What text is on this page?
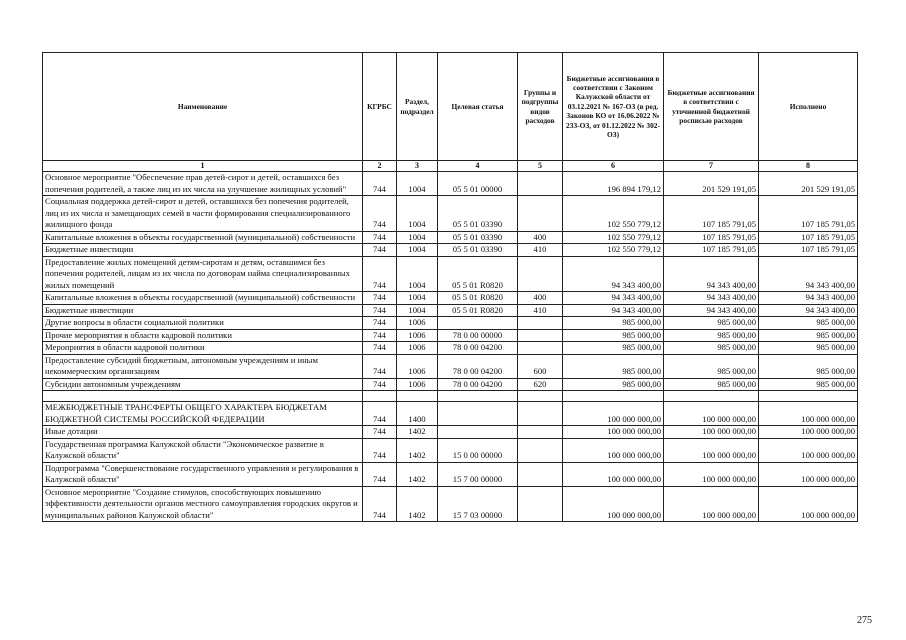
Наименование	КГРБС	Раздел, подраздел	Целевая статья	Группы и подгруппы видов расходов	Бюджетные ассигнования в соответствии с Законом Калужской области от 03.12.2021 № 167-ОЗ (в ред. Законов КО от 16.06.2022 № 233-ОЗ, от 01.12.2022 № 302-ОЗ)	Бюджетные ассигнования в соответствии с уточненной бюджетной росписью расходов	Исполнено
1	2	3	4	5	6	7	8
Основное мероприятие "Обеспечение прав детей-сирот и детей, оставшихся без попечения родителей, а также лиц из их числа на улучшение жилищных условий"	744	1004	05 5 01 00000		196 894 179,12	201 529 191,05	201 529 191,05
Социальная поддержка детей-сирот и детей, оставшихся без попечения родителей, лиц из их числа и замещающих семей в части формирования специализированного жилищного фонда	744	1004	05 5 01 03390		102 550 779,12	107 185 791,05	107 185 791,05
Капитальные вложения в объекты государственной (муниципальной) собственности	744	1004	05 5 01 03390	400	102 550 779,12	107 185 791,05	107 185 791,05
Бюджетные инвестиции	744	1004	05 5 01 03390	410	102 550 779,12	107 185 791,05	107 185 791,05
Предоставление жилых помещений детям-сиротам и детям, оставшимся без попечения родителей, лицам из их числа по договорам найма специализированных жилых помещений	744	1004	05 5 01 R0820		94 343 400,00	94 343 400,00	94 343 400,00
Капитальные вложения в объекты государственной (муниципальной) собственности	744	1004	05 5 01 R0820	400	94 343 400,00	94 343 400,00	94 343 400,00
Бюджетные инвестиции	744	1004	05 5 01 R0820	410	94 343 400,00	94 343 400,00	94 343 400,00
Другие вопросы в области социальной политики	744	1006			985 000,00	985 000,00	985 000,00
Прочие мероприятия в области кадровой политики	744	1006	78 0 00 00000		985 000,00	985 000,00	985 000,00
Мероприятия в области кадровой политики	744	1006	78 0 00 04200		985 000,00	985 000,00	985 000,00
Предоставление субсидий бюджетным, автономным учреждениям и иным некоммерческим организациям	744	1006	78 0 00 04200	600	985 000,00	985 000,00	985 000,00
Субсидии автономным учреждениям	744	1006	78 0 00 04200	620	985 000,00	985 000,00	985 000,00

МЕЖБЮДЖЕТНЫЕ ТРАНСФЕРТЫ ОБЩЕГО ХАРАКТЕРА БЮДЖЕТАМ БЮДЖЕТНОЙ СИСТЕМЫ РОССИЙСКОЙ ФЕДЕРАЦИИ	744	1400			100 000 000,00	100 000 000,00	100 000 000,00
Иные дотации	744	1402			100 000 000,00	100 000 000,00	100 000 000,00
Государственная программа Калужской области "Экономическое развитие в Калужской области"	744	1402	15 0 00 00000		100 000 000,00	100 000 000,00	100 000 000,00
Подпрограмма "Совершенствование государственного управления и регулирования в Калужской области"	744	1402	15 7 00 00000		100 000 000,00	100 000 000,00	100 000 000,00
Основное мероприятие "Создание стимулов, способствующих повышению эффективности деятельности органов местного самоуправления городских округов и муниципальных районов Калужской области"	744	1402	15 7 03 00000		100 000 000,00	100 000 000,00	100 000 000,00
275
